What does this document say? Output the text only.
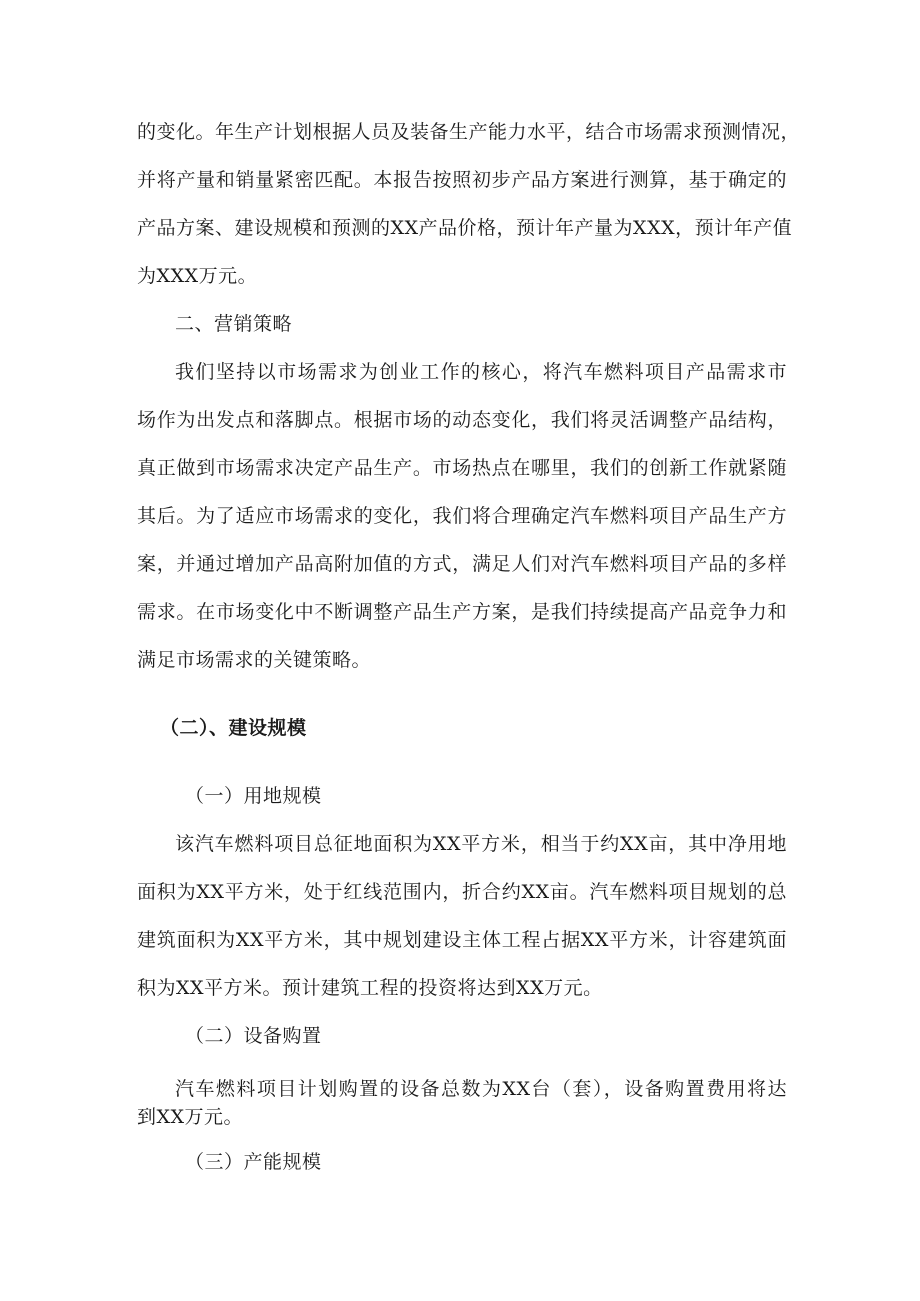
的变化。年生产计划根据人员及装备生产能力水平，结合市场需求预测情况，
并将产量和销量紧密匹配。本报告按照初步产品方案进行测算，基于确定的
产品方案、建设规模和预测的XX产品价格，预计年产量为XXX，预计年产值
为XXX万元。
二、营销策略
我们坚持以市场需求为创业工作的核心，将汽车燃料项目产品需求市
场作为出发点和落脚点。根据市场的动态变化，我们将灵活调整产品结构，
真正做到市场需求决定产品生产。市场热点在哪里，我们的创新工作就紧随
其后。为了适应市场需求的变化，我们将合理确定汽车燃料项目产品生产方
案，并通过增加产品高附加值的方式，满足人们对汽车燃料项目产品的多样
需求。在市场变化中不断调整产品生产方案，是我们持续提高产品竞争力和
满足市场需求的关键策略。
（二）、建设规模
（一）用地规模
该汽车燃料项目总征地面积为XX平方米，相当于约XX亩，其中净用地
面积为XX平方米，处于红线范围内，折合约XX亩。汽车燃料项目规划的总
建筑面积为XX平方米，其中规划建设主体工程占据XX平方米，计容建筑面
积为XX平方米。预计建筑工程的投资将达到XX万元。
（二）设备购置
汽车燃料项目计划购置的设备总数为XX台（套），设备购置费用将达
到XX万元。
（三）产能规模
